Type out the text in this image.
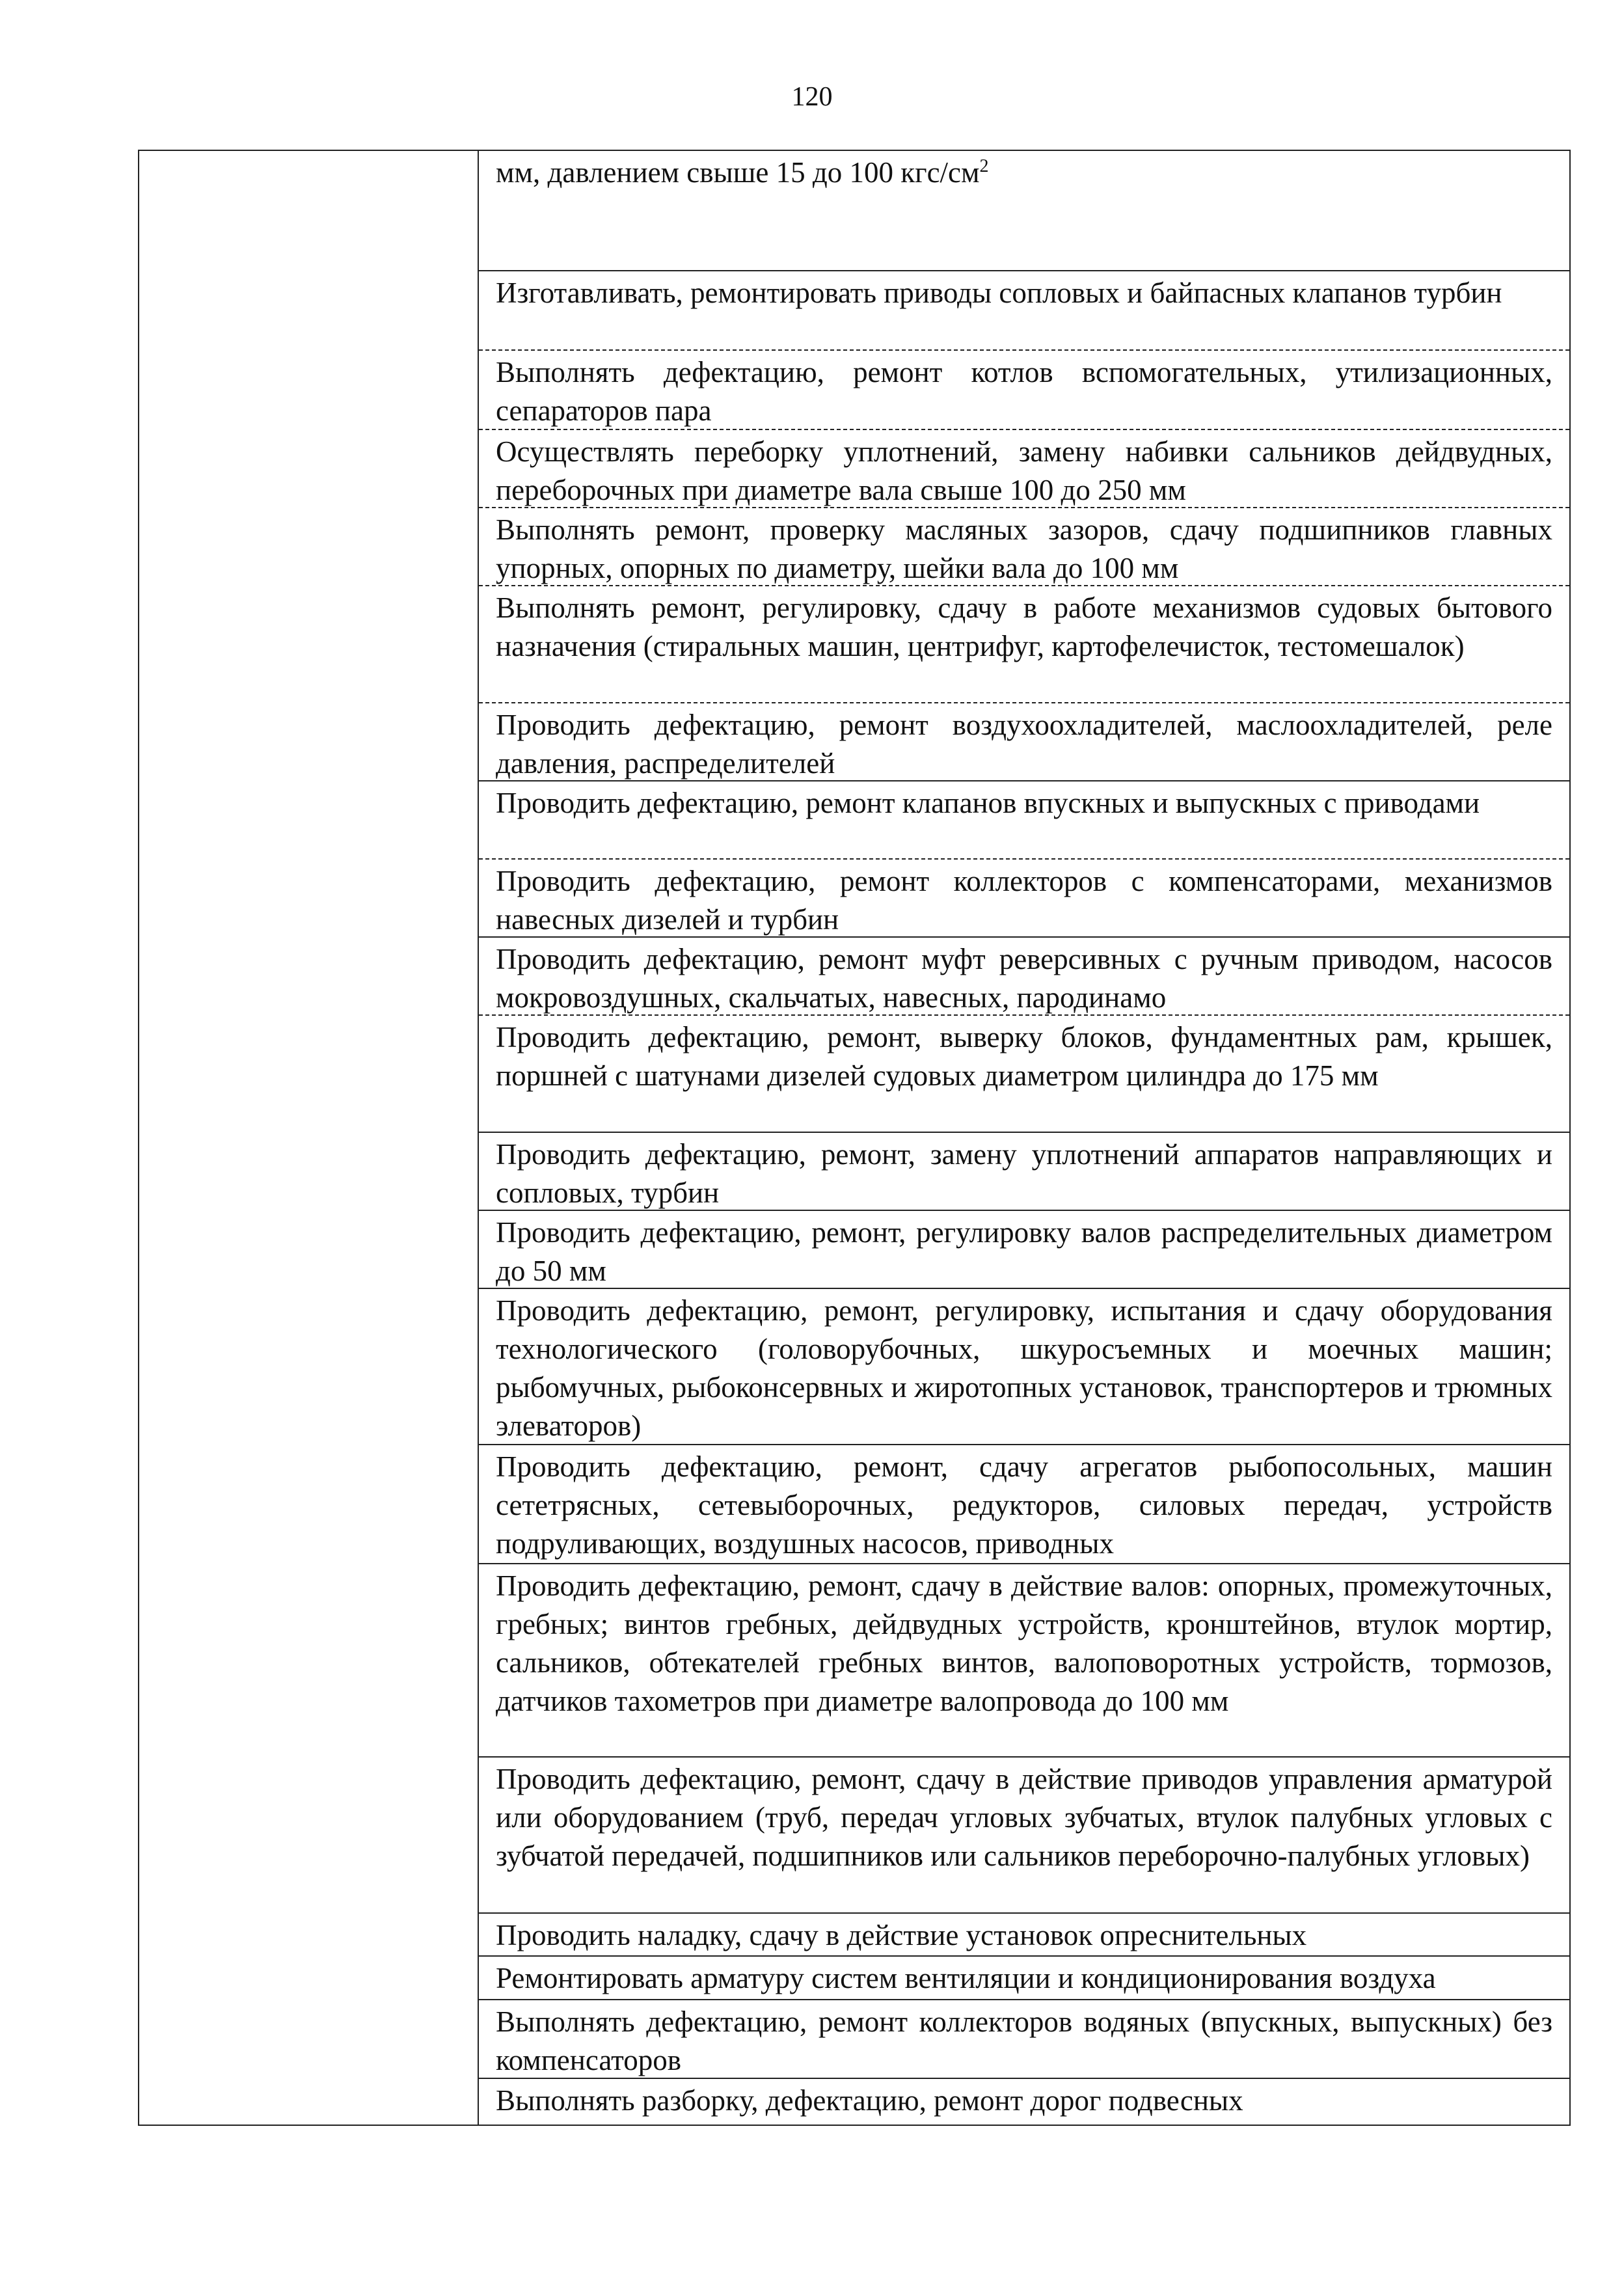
120

мм, давлением свыше 15 до 100 кгс/$см^2$
Изготавливать, ремонтировать приводы сопловых и байпасных клапанов турбин
Выполнять дефектацию, ремонт котлов вспомогательных, утилизационных, сепараторов пара
Осуществлять переборку уплотнений, замену набивки сальников дейдвудных, переборочных при диаметре вала свыше 100 до 250 мм
Выполнять ремонт, проверку масляных зазоров, сдачу подшипников главных упорных, опорных по диаметру, шейки вала до 100 мм
Выполнять ремонт, регулировку, сдачу в работе механизмов судовых бытового назначения (стиральных машин, центрифуг, картофелечисток, тестомешалок)
Проводить дефектацию, ремонт воздухоохладителей, маслоохладителей, реле давления, распределителей
Проводить дефектацию, ремонт клапанов впускных и выпускных с приводами
Проводить дефектацию, ремонт коллекторов с компенсаторами, механизмов навесных дизелей и турбин
Проводить дефектацию, ремонт муфт реверсивных с ручным приводом, насосов мокровоздушных, скальчатых, навесных, пародинамо
Проводить дефектацию, ремонт, выверку блоков, фундаментных рам, крышек, поршней с шатунами дизелей судовых диаметром цилиндра до 175 мм
Проводить дефектацию, ремонт, замену уплотнений аппаратов направляющих и сопловых, турбин
Проводить дефектацию, ремонт, регулировку валов распределительных диаметром до 50 мм
Проводить дефектацию, ремонт, регулировку, испытания и сдачу оборудования технологического (головорубочных, шкуросъемных и моечных машин; рыбомучных, рыбоконсервных и жиротопных установок, транспортеров и трюмных элеваторов)
Проводить дефектацию, ремонт, сдачу агрегатов рыбопосольных, машин сететрясных, сетевыборочных, редукторов, силовых передач, устройств подруливающих, воздушных насосов, приводных
Проводить дефектацию, ремонт, сдачу в действие валов: опорных, промежуточных, гребных; винтов гребных, дейдвудных устройств, кронштейнов, втулок мортир, сальников, обтекателей гребных винтов, валоповоротных устройств, тормозов, датчиков тахометров при диаметре валопровода до 100 мм
Проводить дефектацию, ремонт, сдачу в действие приводов управления арматурой или оборудованием (труб, передач угловых зубчатых, втулок палубных угловых с зубчатой передачей, подшипников или сальников переборочно-палубных угловых)
Проводить наладку, сдачу в действие установок опреснительных
Ремонтировать арматуру систем вентиляции и кондиционирования воздуха
Выполнять дефектацию, ремонт коллекторов водяных (впускных, выпускных) без компенсаторов
Выполнять разборку, дефектацию, ремонт дорог подвесных
